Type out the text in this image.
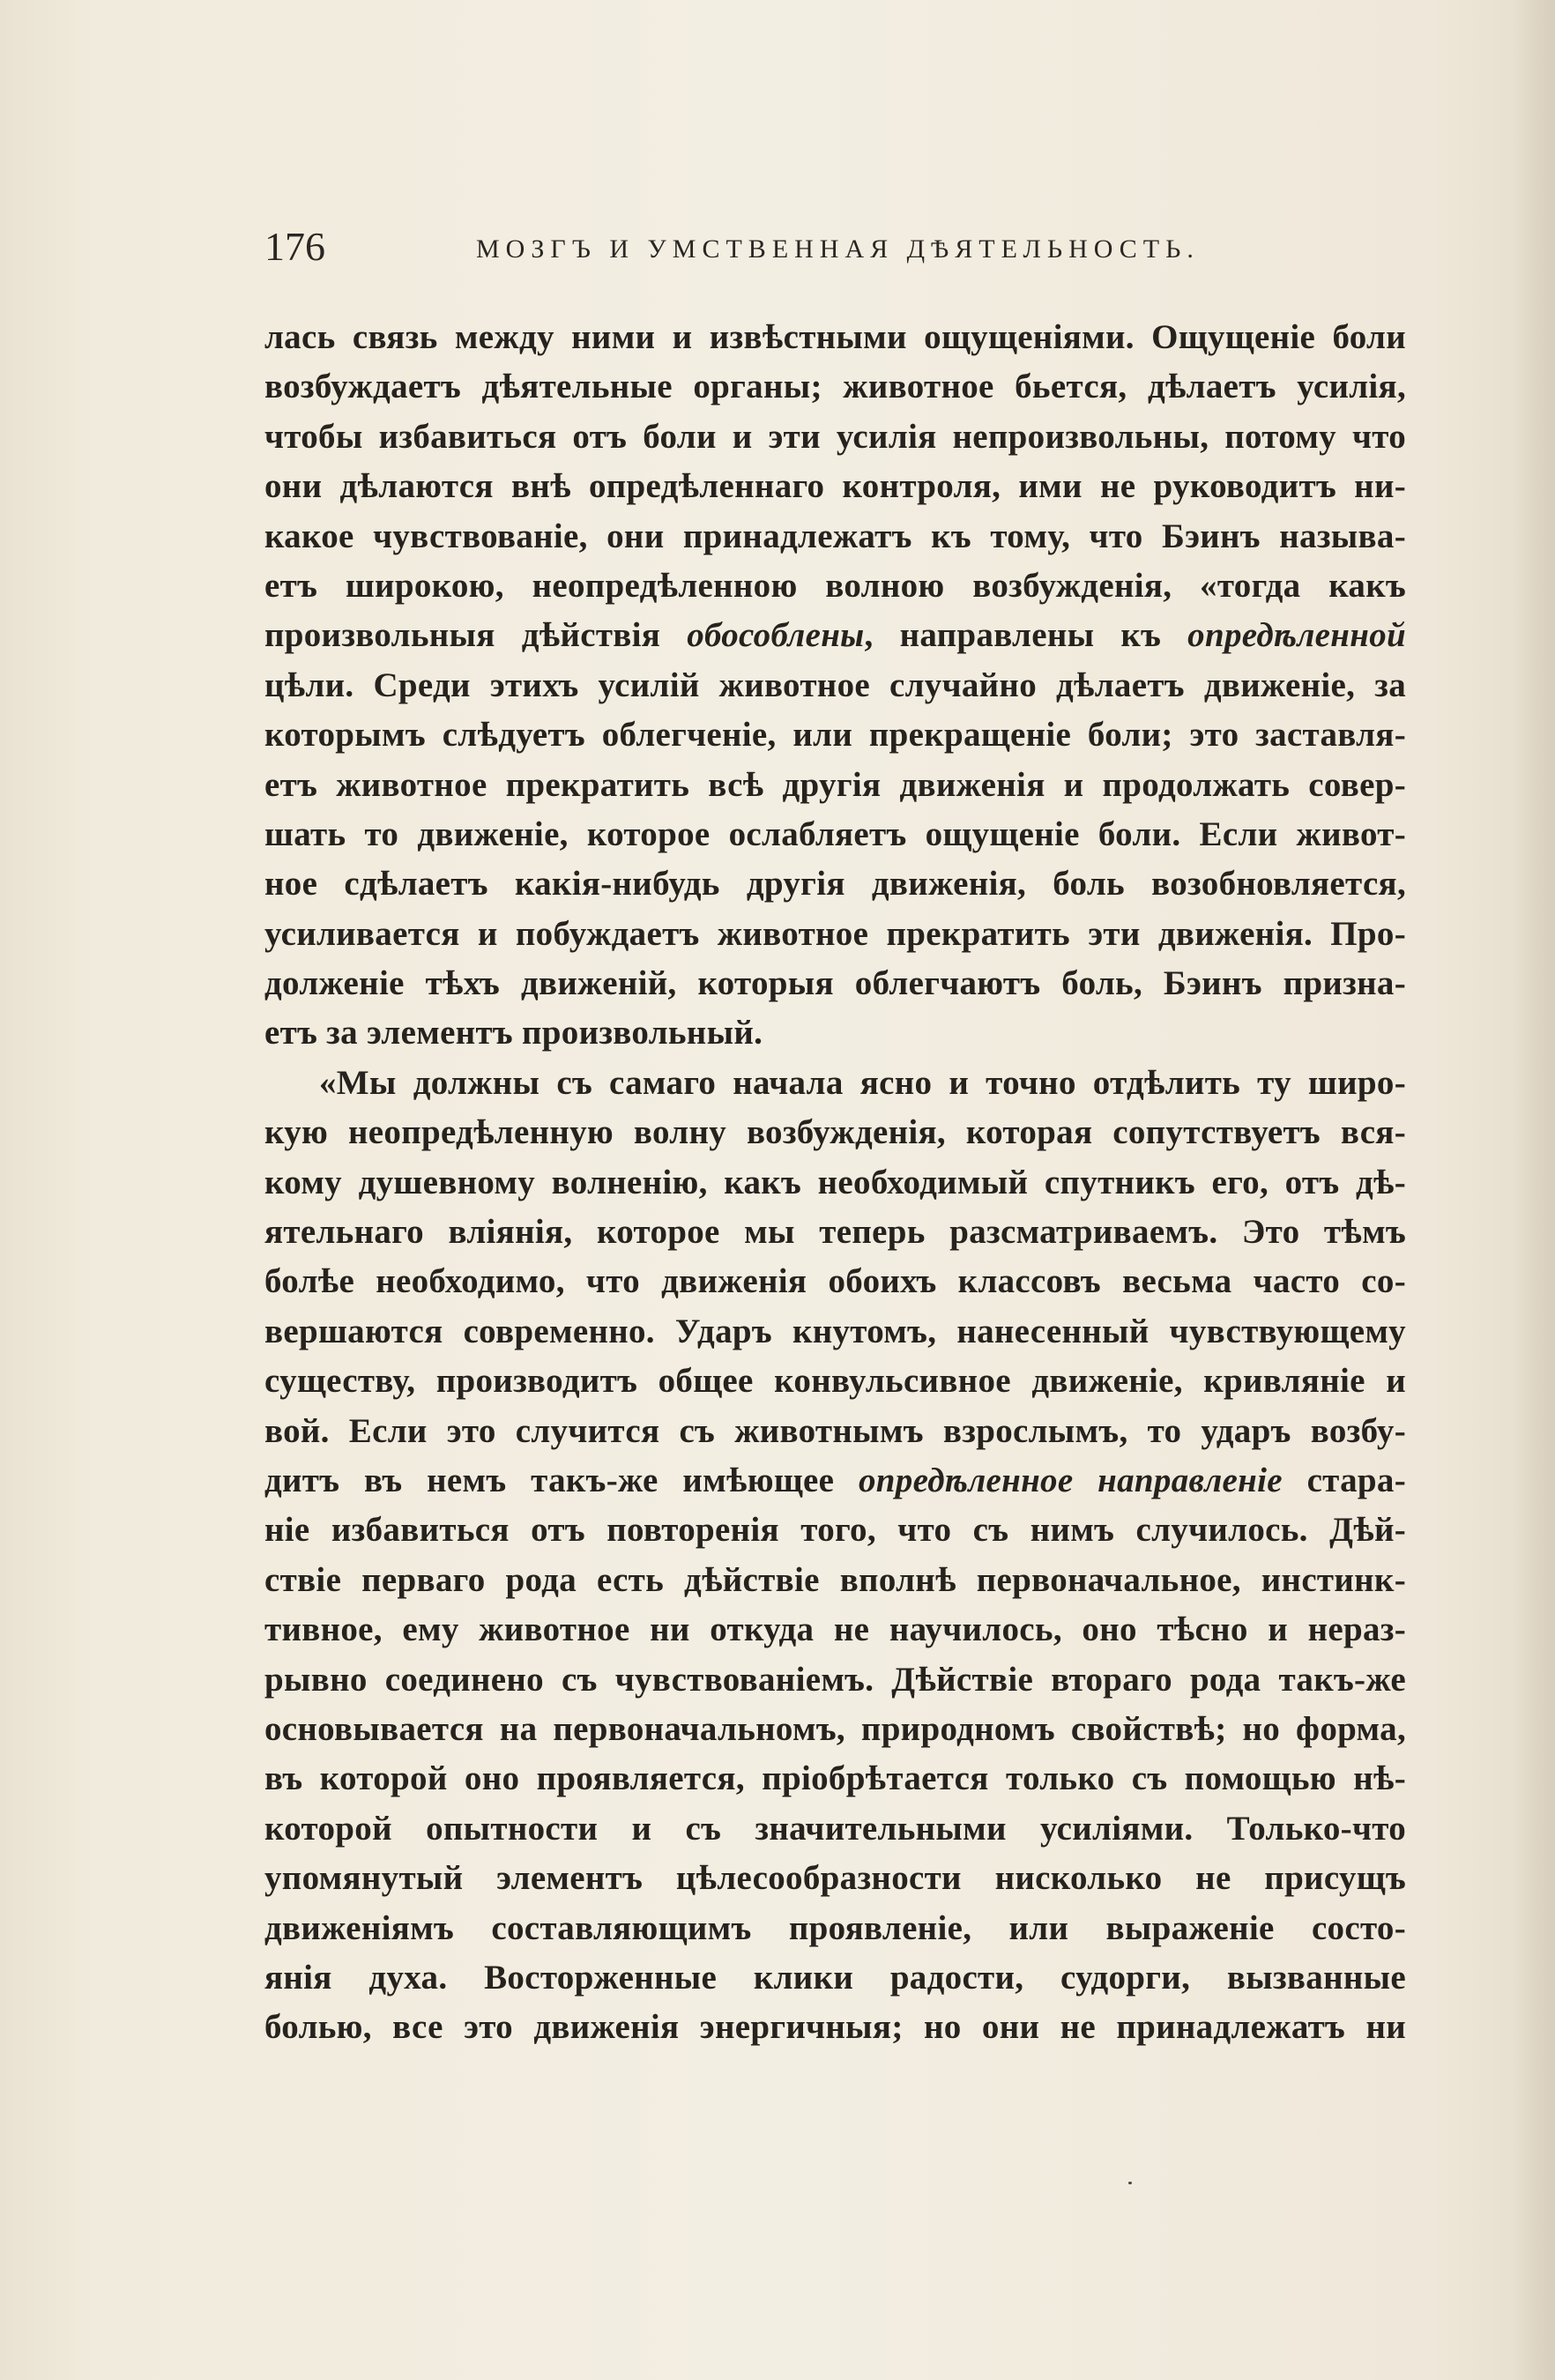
176	МОЗГЪ И УМСТВЕННАЯ ДѢЯТЕЛЬНОСТЬ.
лась связь между ними и извѣстными ощущеніями. Ощущеніе боли
возбуждаетъ дѣятельные органы; животное бьется, дѣлаетъ усилія,
чтобы избавиться отъ боли и эти усилія непроизвольны, потому что
они дѣлаются внѣ опредѣленнаго контроля, ими не руководитъ ни-
какое чувствованіе, они принадлежатъ къ тому, что Бэинъ называ-
етъ широкою, неопредѣленною волною возбужденія, «тогда какъ
произвольныя дѣйствія обособлены, направлены къ опредѣленной
цѣли. Среди этихъ усилій животное случайно дѣлаетъ движеніе, за
которымъ слѣдуетъ облегченіе, или прекращеніе боли; это заставля-
етъ животное прекратить всѣ другія движенія и продолжать совер-
шать то движеніе, которое ослабляетъ ощущеніе боли. Если живот-
ное сдѣлаетъ какія-нибудь другія движенія, боль возобновляется,
усиливается и побуждаетъ животное прекратить эти движенія. Про-
долженіе тѣхъ движеній, которыя облегчаютъ боль, Бэинъ призна-
етъ за элементъ произвольный.
«Мы должны съ самаго начала ясно и точно отдѣлить ту широ-
кую неопредѣленную волну возбужденія, которая сопутствуетъ вся-
кому душевному волненію, какъ необходимый спутникъ его, отъ дѣ-
ятельнаго вліянія, которое мы теперь разсматриваемъ. Это тѣмъ
болѣе необходимо, что движенія обоихъ классовъ весьма часто со-
вершаются современно. Ударъ кнутомъ, нанесенный чувствующему
существу, производитъ общее конвульсивное движеніе, кривляніе и
вой. Если это случится съ животнымъ взрослымъ, то ударъ возбу-
дитъ въ немъ такъ-же имѣющее опредѣленное направленіе стара-
ніе избавиться отъ повторенія того, что съ нимъ случилось. Дѣй-
ствіе перваго рода есть дѣйствіе вполнѣ первоначальное, инстинк-
тивное, ему животное ни откуда не научилось, оно тѣсно и нераз-
рывно соединено съ чувствованіемъ. Дѣйствіе втораго рода такъ-же
основывается на первоначальномъ, природномъ свойствѣ; но форма,
въ которой оно проявляется, пріобрѣтается только съ помощью нѣ-
которой опытности и съ значительными усиліями. Только-что
упомянутый элементъ цѣлесообразности нисколько не присущъ
движеніямъ составляющимъ проявленіе, или выраженіе состо-
янія духа. Восторженные клики радости, судорги, вызванные
болью, все это движенія энергичныя; но они не принадлежатъ ни
